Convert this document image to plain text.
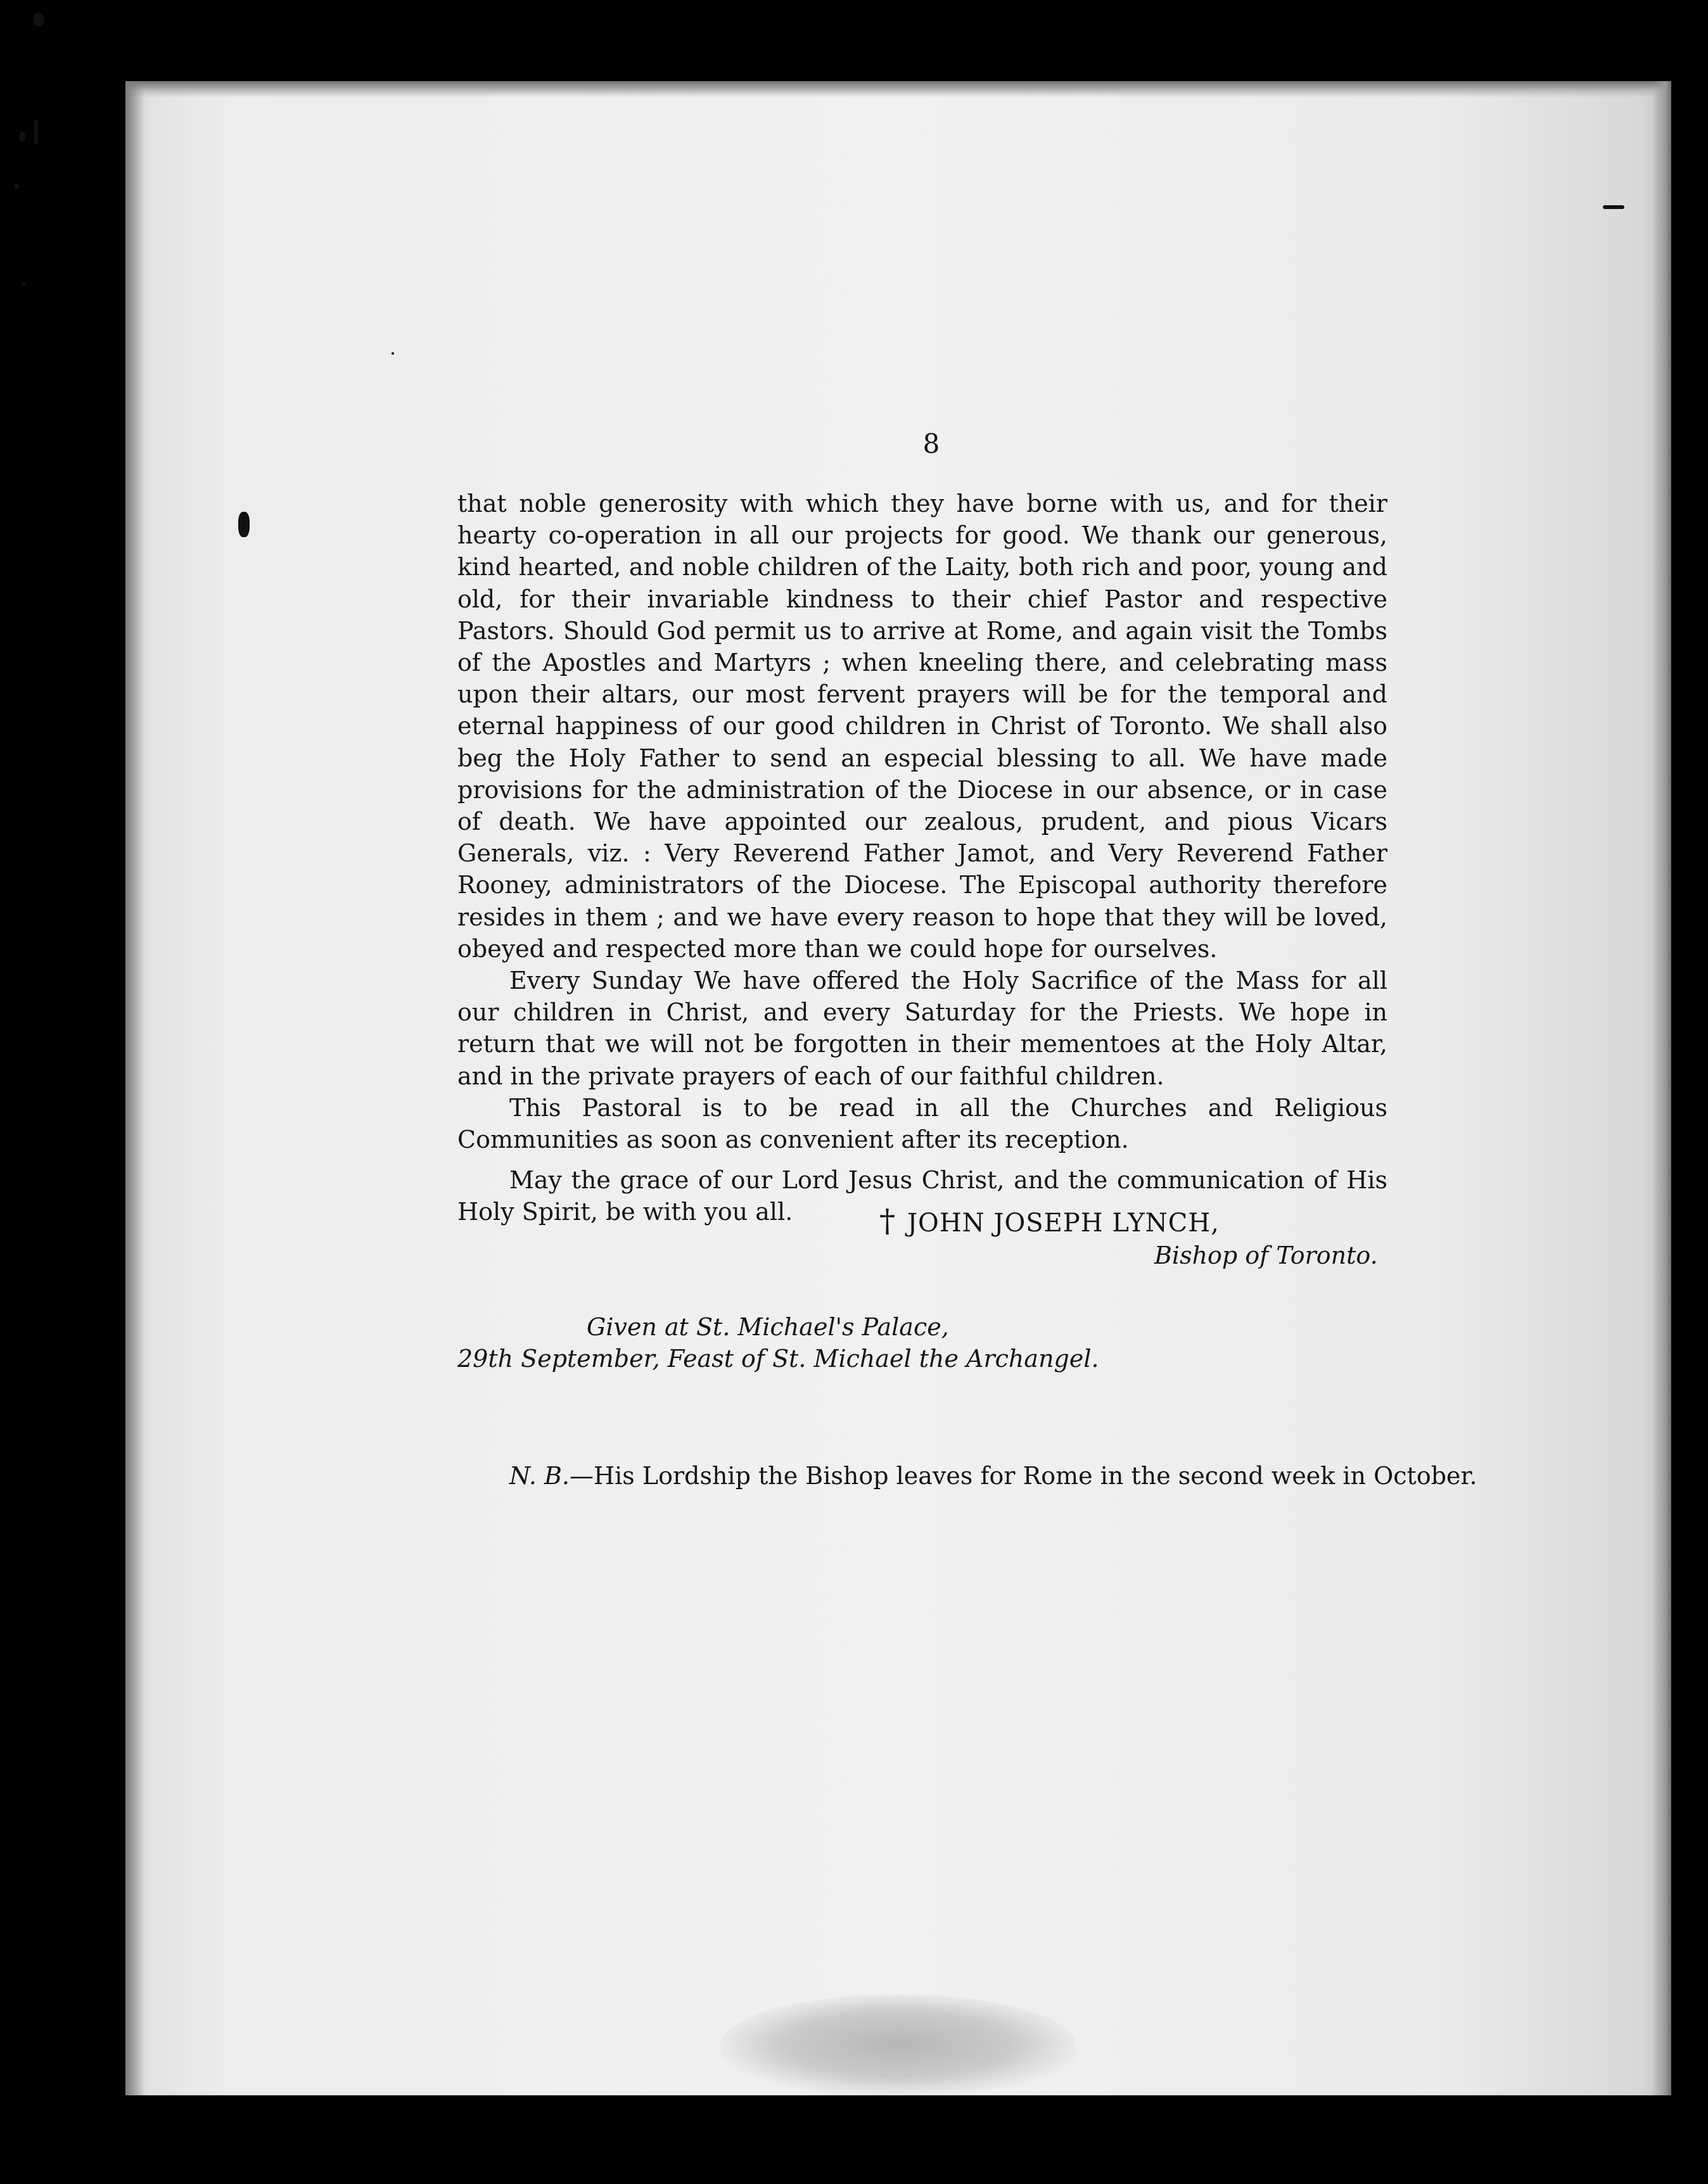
8

that noble generosity with which they have borne with us, and for their hearty co-operation in all our projects for good. We thank our generous, kind hearted, and noble children of the Laity, both rich and poor, young and old, for their invariable kindness to their chief Pastor and respective Pastors. Should God permit us to arrive at Rome, and again visit the Tombs of the Apostles and Martyrs ; when kneeling there, and celebrating mass upon their altars, our most fervent prayers will be for the temporal and eternal happiness of our good children in Christ of Toronto. We shall also beg the Holy Father to send an especial blessing to all. We have made provisions for the administration of the Diocese in our absence, or in case of death. We have appointed our zealous, prudent, and pious Vicars Generals, viz. : Very Reverend Father Jamot, and Very Reverend Father Rooney, administrators of the Diocese. The Episcopal authority therefore resides in them ; and we have every reason to hope that they will be loved, obeyed and respected more than we could hope for ourselves.

Every Sunday We have offered the Holy Sacrifice of the Mass for all our children in Christ, and every Saturday for the Priests. We hope in return that we will not be forgotten in their mementoes at the Holy Altar, and in the private prayers of each of our faithful children.

This Pastoral is to be read in all the Churches and Religious Communities as soon as convenient after its reception.

May the grace of our Lord Jesus Christ, and the communication of His Holy Spirit, be with you all.	† JOHN JOSEPH LYNCH,
Bishop of Toronto.
Given at St. Michael's Palace,
29th September, Feast of St. Michael the Archangel.
N. B.—His Lordship the Bishop leaves for Rome in the second week in October.
